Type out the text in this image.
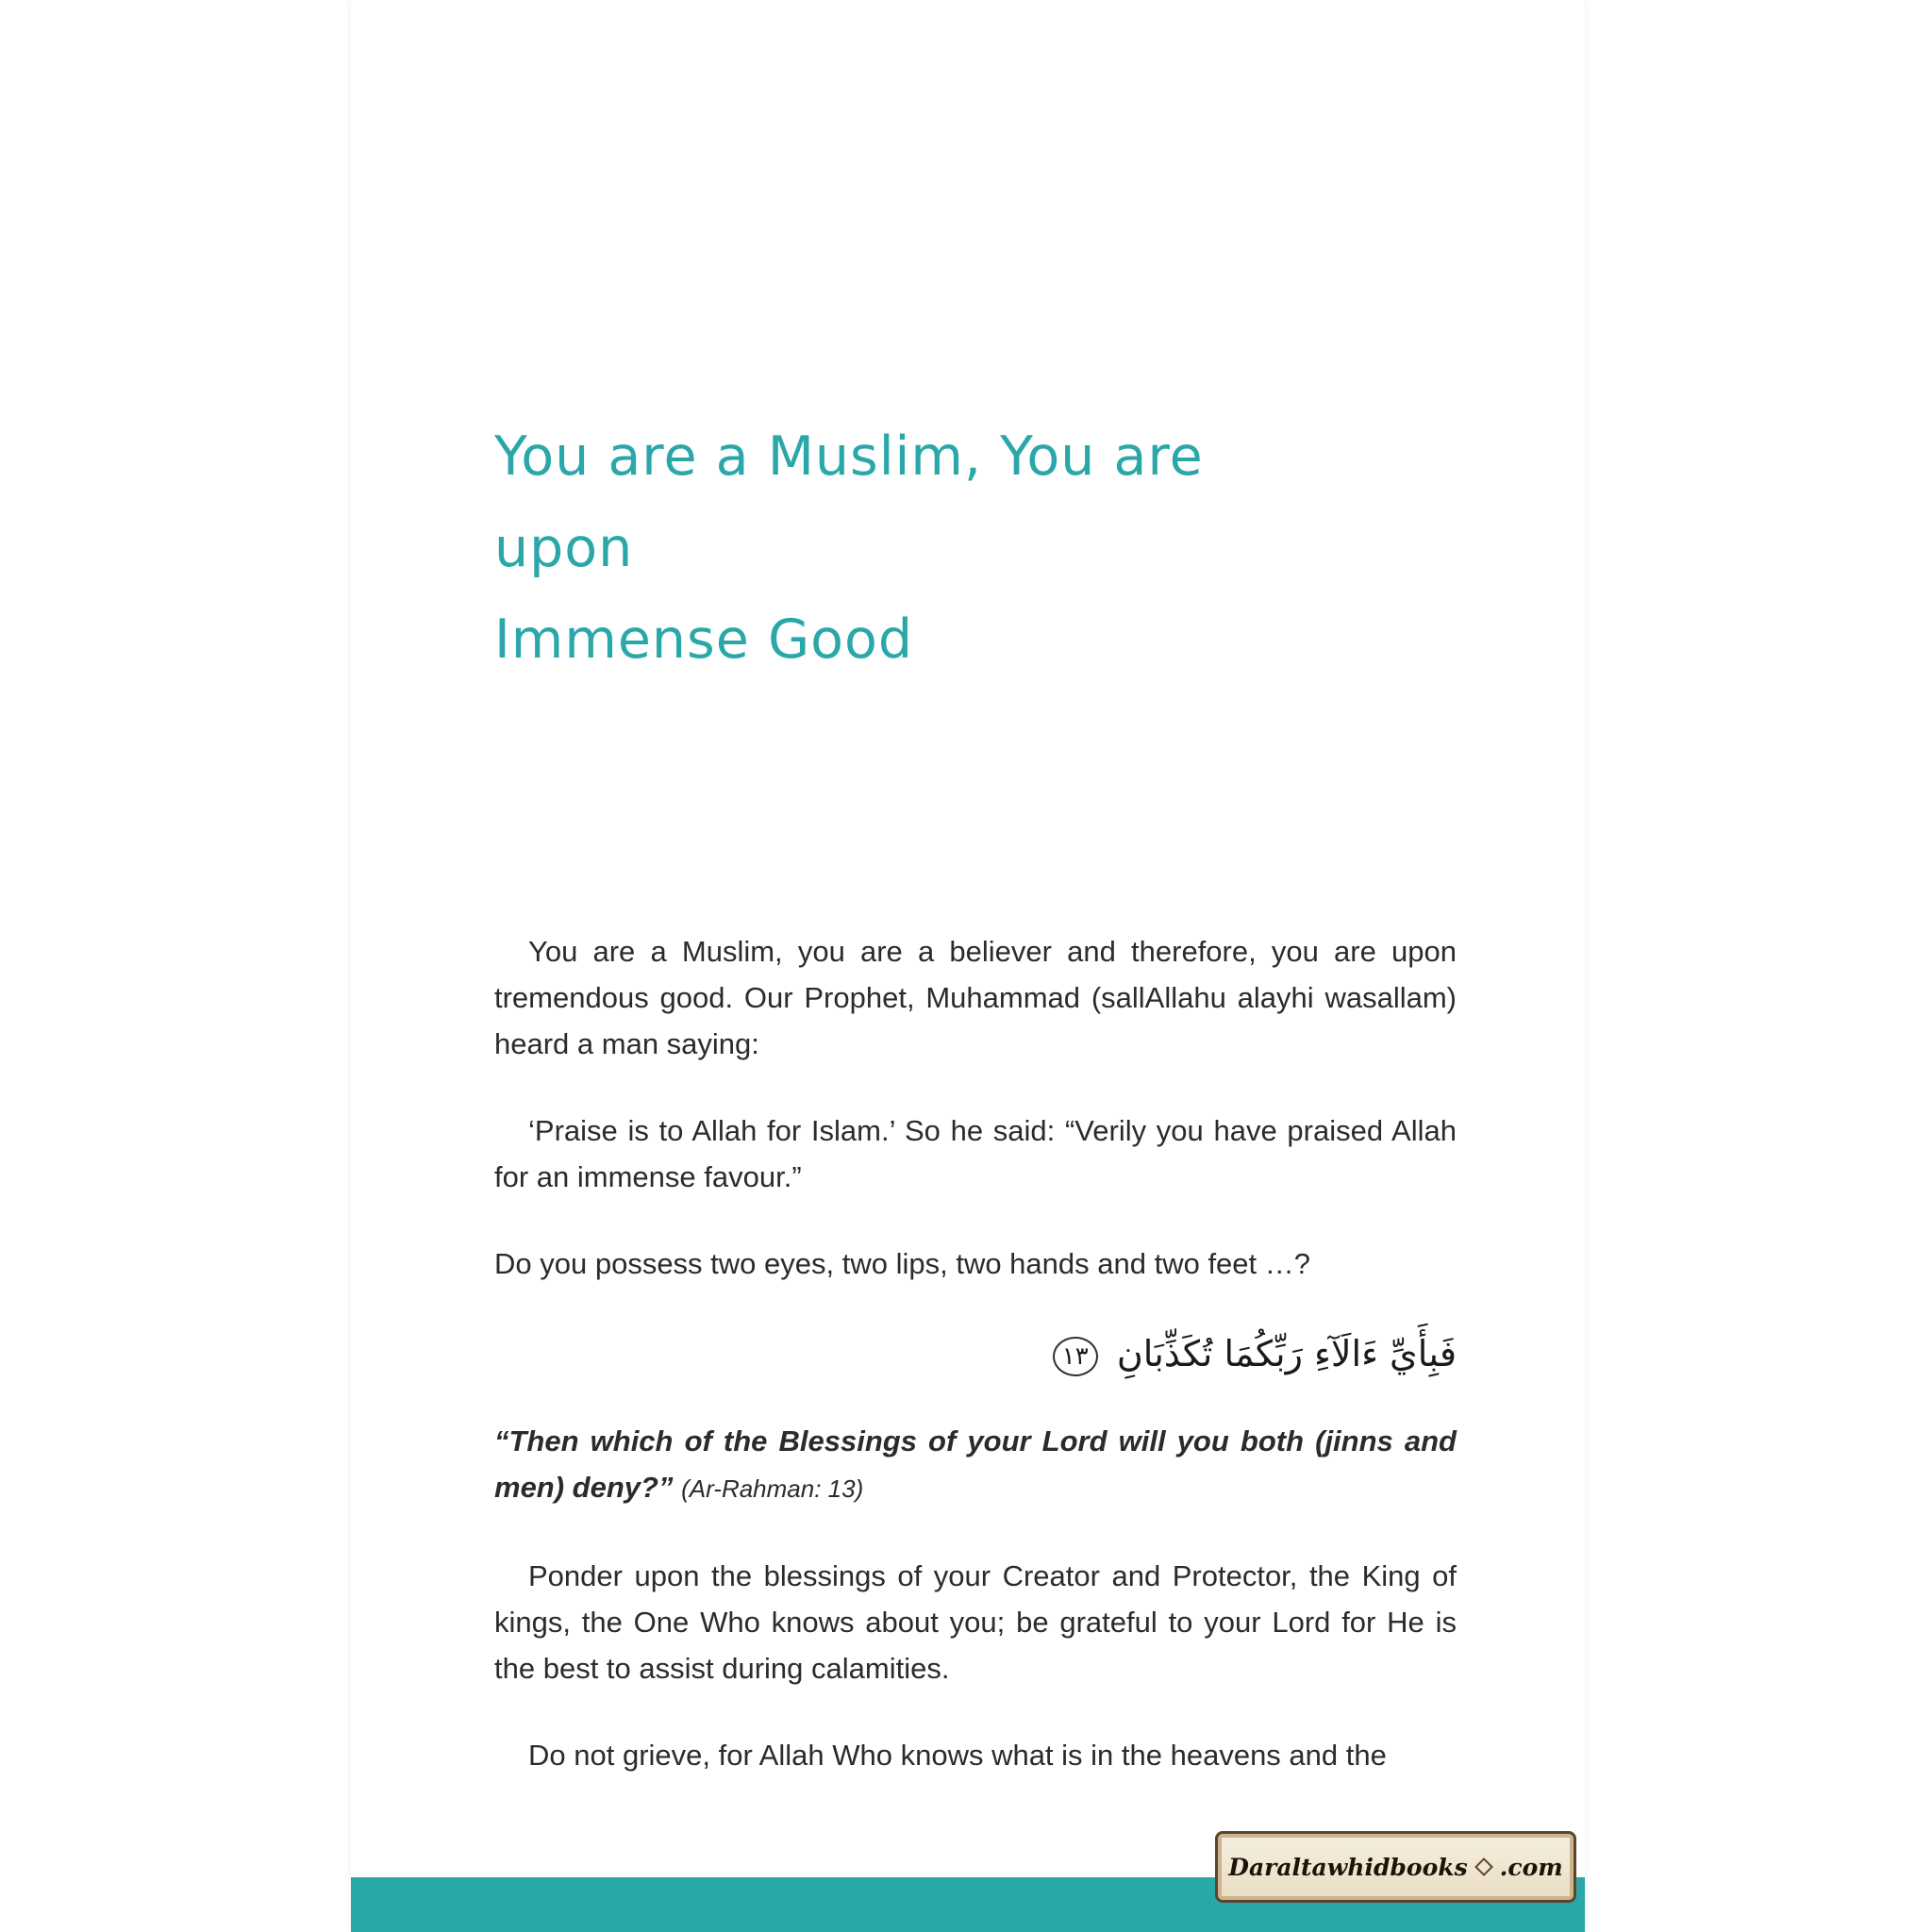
You are a Muslim, You are upon
Immense Good

You are a Muslim, you are a believer and therefore, you are upon tremendous good. Our Prophet, Muhammad (sallAllahu alayhi wasallam) heard a man saying:

‘Praise is to Allah for Islam.’ So he said: “Verily you have praised Allah for an immense favour.”

Do you possess two eyes, two lips, two hands and two feet …?

فَبِأَيِّ ءَالَآءِ رَبِّكُمَا تُكَذِّبَانِ ١٣

“Then which of the Blessings of your Lord will you both (jinns and men) deny?” (Ar-Rahman: 13)

Ponder upon the blessings of your Creator and Protector, the King of kings, the One Who knows about you; be grateful to your Lord for He is the best to assist during calamities.

Do not grieve, for Allah Who knows what is in the heavens and the

Daraltawhidbooks .com
